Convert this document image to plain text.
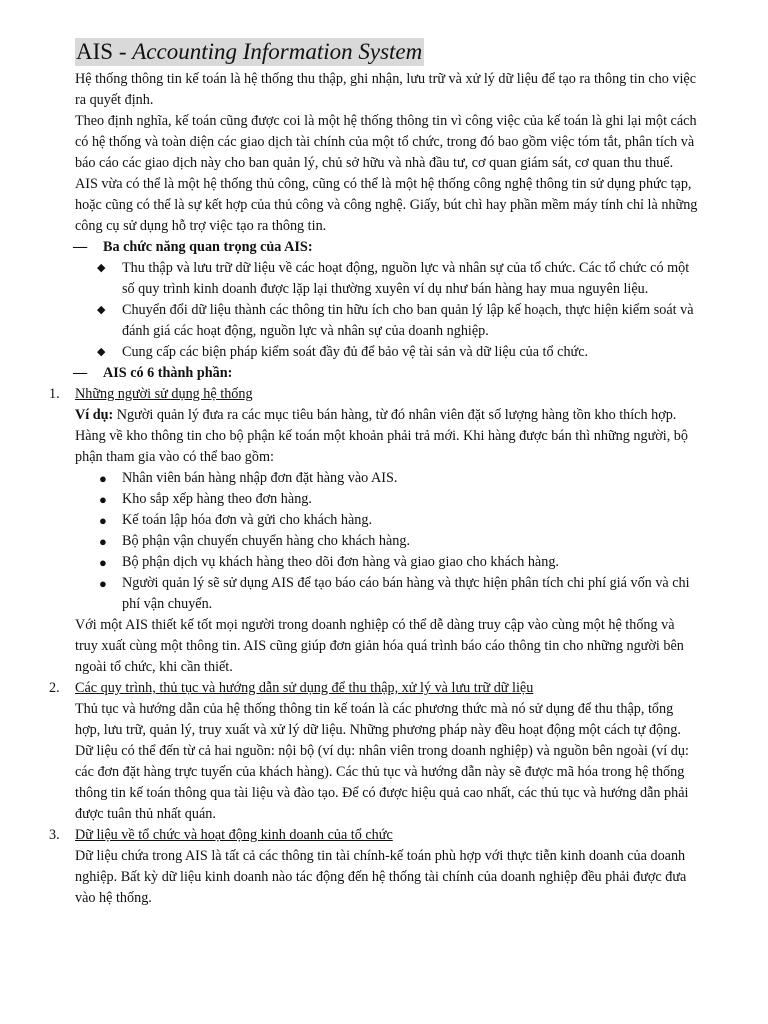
AIS - Accounting Information System

Hệ thống thông tin kế toán là hệ thống thu thập, ghi nhận, lưu trữ và xử lý dữ liệu để tạo ra thông tin cho việc ra quyết định.

Theo định nghĩa, kế toán cũng được coi là một hệ thống thông tin vì công việc của kế toán là ghi lại một cách có hệ thống và toàn diện các giao dịch tài chính của một tổ chức, trong đó bao gồm việc tóm tắt, phân tích và báo cáo các giao dịch này cho ban quản lý, chủ sở hữu và nhà đầu tư, cơ quan giám sát, cơ quan thu thuế.

AIS vừa có thể là một hệ thống thủ công, cũng có thể là một hệ thống công nghệ thông tin sử dụng phức tạp, hoặc cũng có thể là sự kết hợp của thủ công và công nghệ. Giấy, bút chì hay phần mềm máy tính chỉ là những công cụ sử dụng hỗ trợ việc tạo ra thông tin.

— Ba chức năng quan trọng của AIS:
◆ Thu thập và lưu trữ dữ liệu về các hoạt động, nguồn lực và nhân sự của tổ chức. Các tổ chức có một số quy trình kinh doanh được lặp lại thường xuyên ví dụ như bán hàng hay mua nguyên liệu.
◆ Chuyển đổi dữ liệu thành các thông tin hữu ích cho ban quản lý lập kế hoạch, thực hiện kiểm soát và đánh giá các hoạt động, nguồn lực và nhân sự của doanh nghiệp.
◆ Cung cấp các biện pháp kiểm soát đầy đủ để bảo vệ tài sản và dữ liệu của tổ chức.
— AIS có 6 thành phần:
1. Những người sử dụng hệ thống

Ví dụ: Người quản lý đưa ra các mục tiêu bán hàng, từ đó nhân viên đặt số lượng hàng tồn kho thích hợp. Hàng về kho thông tin cho bộ phận kế toán một khoản phải trả mới. Khi hàng được bán thì những người, bộ phận tham gia vào có thể bao gồm:

● Nhân viên bán hàng nhập đơn đặt hàng vào AIS.
● Kho sắp xếp hàng theo đơn hàng.
● Kế toán lập hóa đơn và gửi cho khách hàng.
● Bộ phận vận chuyển chuyển hàng cho khách hàng.
● Bộ phận dịch vụ khách hàng theo dõi đơn hàng và giao giao cho khách hàng.
● Người quản lý sẽ sử dụng AIS để tạo báo cáo bán hàng và thực hiện phân tích chi phí giá vốn và chi phí vận chuyển.

Với một AIS thiết kế tốt mọi người trong doanh nghiệp có thể dễ dàng truy cập vào cùng một hệ thống và truy xuất cùng một thông tin. AIS cũng giúp đơn giản hóa quá trình báo cáo thông tin cho những người bên ngoài tổ chức, khi cần thiết.

2. Các quy trình, thủ tục và hướng dẫn sử dụng để thu thập, xử lý và lưu trữ dữ liệu

Thủ tục và hướng dẫn của hệ thống thông tin kế toán là các phương thức mà nó sử dụng để thu thập, tổng hợp, lưu trữ, quản lý, truy xuất và xử lý dữ liệu. Những phương pháp này đều hoạt động một cách tự động. Dữ liệu có thể đến từ cả hai nguồn: nội bộ (ví dụ: nhân viên trong doanh nghiệp) và nguồn bên ngoài (ví dụ: các đơn đặt hàng trực tuyến của khách hàng). Các thủ tục và hướng dẫn này sẽ được mã hóa trong hệ thống thông tin kế toán thông qua tài liệu và đào tạo. Để có được hiệu quả cao nhất, các thủ tục và hướng dẫn phải được tuân thủ nhất quán.

3. Dữ liệu về tổ chức và hoạt động kinh doanh của tổ chức

Dữ liệu chứa trong AIS là tất cả các thông tin tài chính-kế toán phù hợp với thực tiễn kinh doanh của doanh nghiệp. Bất kỳ dữ liệu kinh doanh nào tác động đến hệ thống tài chính của doanh nghiệp đều phải được đưa vào hệ thống.
